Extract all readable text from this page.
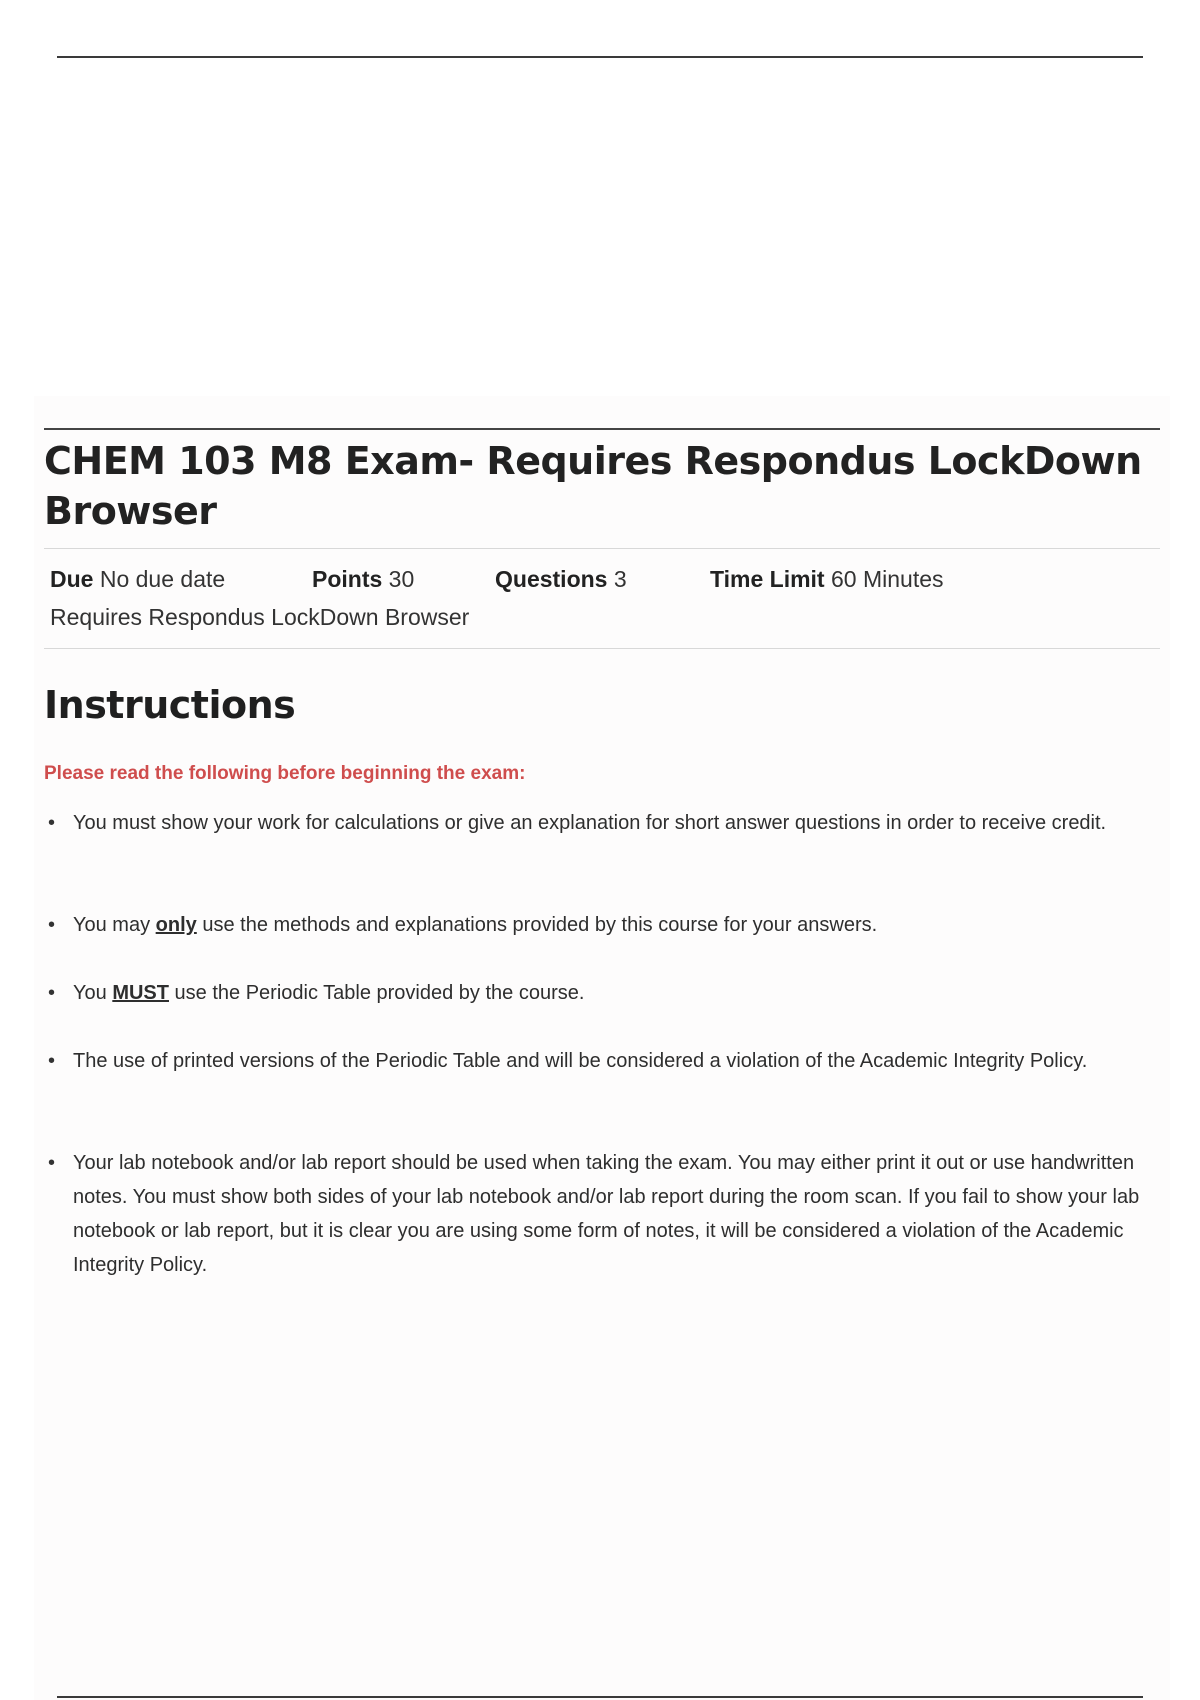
CHEM 103 M8 Exam- Requires Respondus LockDown Browser
Due No due date	Points 30	Questions 3	Time Limit 60 Minutes
Requires Respondus LockDown Browser
Instructions

Please read the following before beginning the exam:

• You must show your work for calculations or give an explanation for short answer questions in order to receive credit.
• You may only use the methods and explanations provided by this course for your answers.
• You MUST use the Periodic Table provided by the course.
• The use of printed versions of the Periodic Table and will be considered a violation of the Academic Integrity Policy.
• Your lab notebook and/or lab report should be used when taking the exam. You may either print it out or use handwritten notes. You must show both sides of your lab notebook and/or lab report during the room scan. If you fail to show your lab notebook or lab report, but it is clear you are using some form of notes, it will be considered a violation of the Academic Integrity Policy.
